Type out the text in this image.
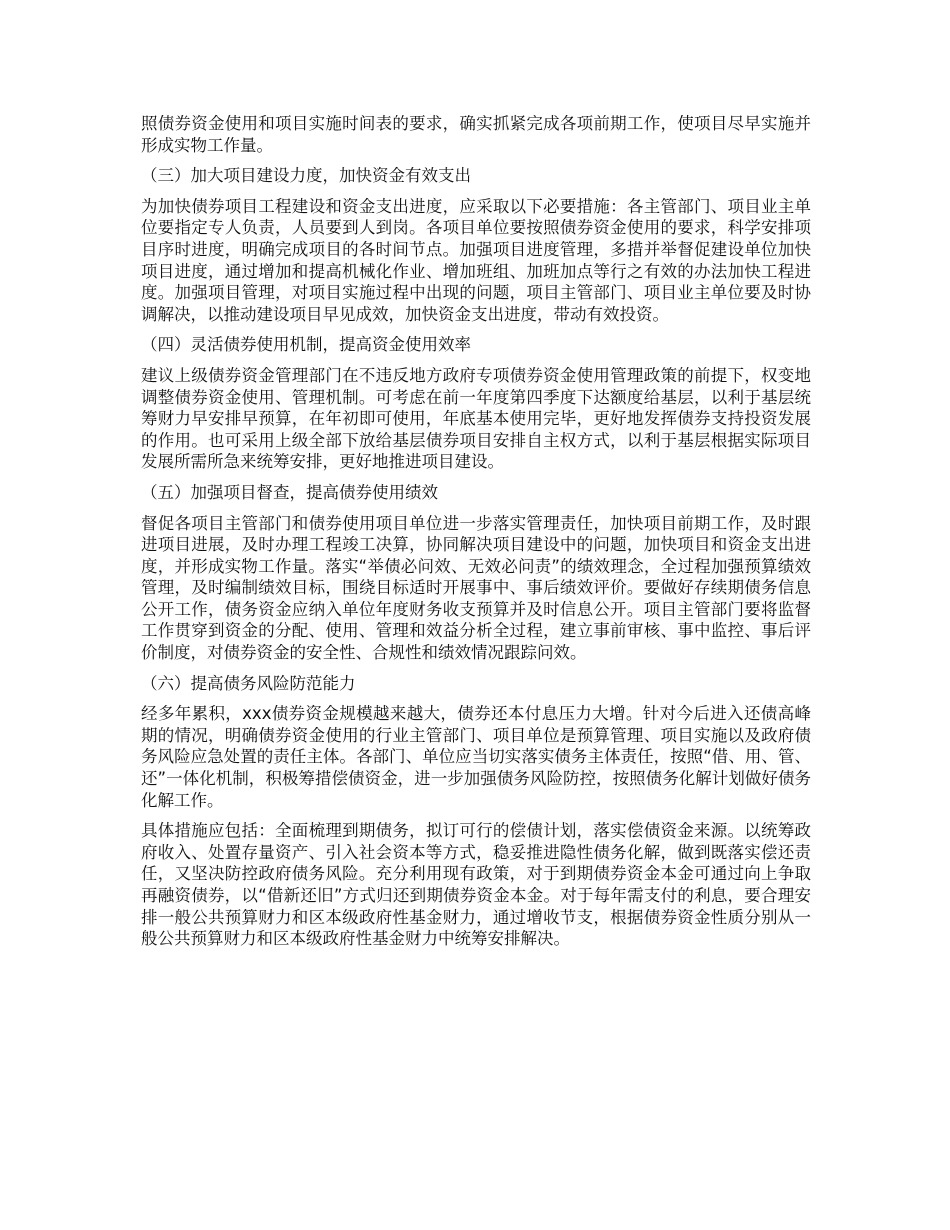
照债券资金使用和项目实施时间表的要求，确实抓紧完成各项前期工作，使项目尽早实施并形成实物工作量。

（三）加大项目建设力度，加快资金有效支出

为加快债券项目工程建设和资金支出进度，应采取以下必要措施：各主管部门、项目业主单位要指定专人负责，人员要到人到岗。各项目单位要按照债券资金使用的要求，科学安排项目序时进度，明确完成项目的各时间节点。加强项目进度管理，多措并举督促建设单位加快项目进度，通过增加和提高机械化作业、增加班组、加班加点等行之有效的办法加快工程进度。加强项目管理，对项目实施过程中出现的问题，项目主管部门、项目业主单位要及时协调解决，以推动建设项目早见成效，加快资金支出进度，带动有效投资。

（四）灵活债券使用机制，提高资金使用效率

建议上级债券资金管理部门在不违反地方政府专项债券资金使用管理政策的前提下，权变地调整债券资金使用、管理机制。可考虑在前一年度第四季度下达额度给基层，以利于基层统筹财力早安排早预算，在年初即可使用，年底基本使用完毕，更好地发挥债券支持投资发展的作用。也可采用上级全部下放给基层债券项目安排自主权方式，以利于基层根据实际项目发展所需所急来统筹安排，更好地推进项目建设。

（五）加强项目督查，提高债券使用绩效

督促各项目主管部门和债券使用项目单位进一步落实管理责任，加快项目前期工作，及时跟进项目进展，及时办理工程竣工决算，协同解决项目建设中的问题，加快项目和资金支出进度，并形成实物工作量。落实“举债必问效、无效必问责”的绩效理念，全过程加强预算绩效管理，及时编制绩效目标，围绕目标适时开展事中、事后绩效评价。要做好存续期债务信息公开工作，债务资金应纳入单位年度财务收支预算并及时信息公开。项目主管部门要将监督工作贯穿到资金的分配、使用、管理和效益分析全过程，建立事前审核、事中监控、事后评价制度，对债券资金的安全性、合规性和绩效情况跟踪问效。

（六）提高债务风险防范能力

经多年累积，xxx债券资金规模越来越大，债券还本付息压力大增。针对今后进入还债高峰期的情况，明确债券资金使用的行业主管部门、项目单位是预算管理、项目实施以及政府债务风险应急处置的责任主体。各部门、单位应当切实落实债务主体责任，按照“借、用、管、还”一体化机制，积极筹措偿债资金，进一步加强债务风险防控，按照债务化解计划做好债务化解工作。

具体措施应包括：全面梳理到期债务，拟订可行的偿债计划，落实偿债资金来源。以统筹政府收入、处置存量资产、引入社会资本等方式，稳妥推进隐性债务化解，做到既落实偿还责任，又坚决防控政府债务风险。充分利用现有政策，对于到期债券资金本金可通过向上争取再融资债券，以“借新还旧”方式归还到期债券资金本金。对于每年需支付的利息，要合理安排一般公共预算财力和区本级政府性基金财力，通过增收节支，根据债券资金性质分别从一般公共预算财力和区本级政府性基金财力中统筹安排解决。
